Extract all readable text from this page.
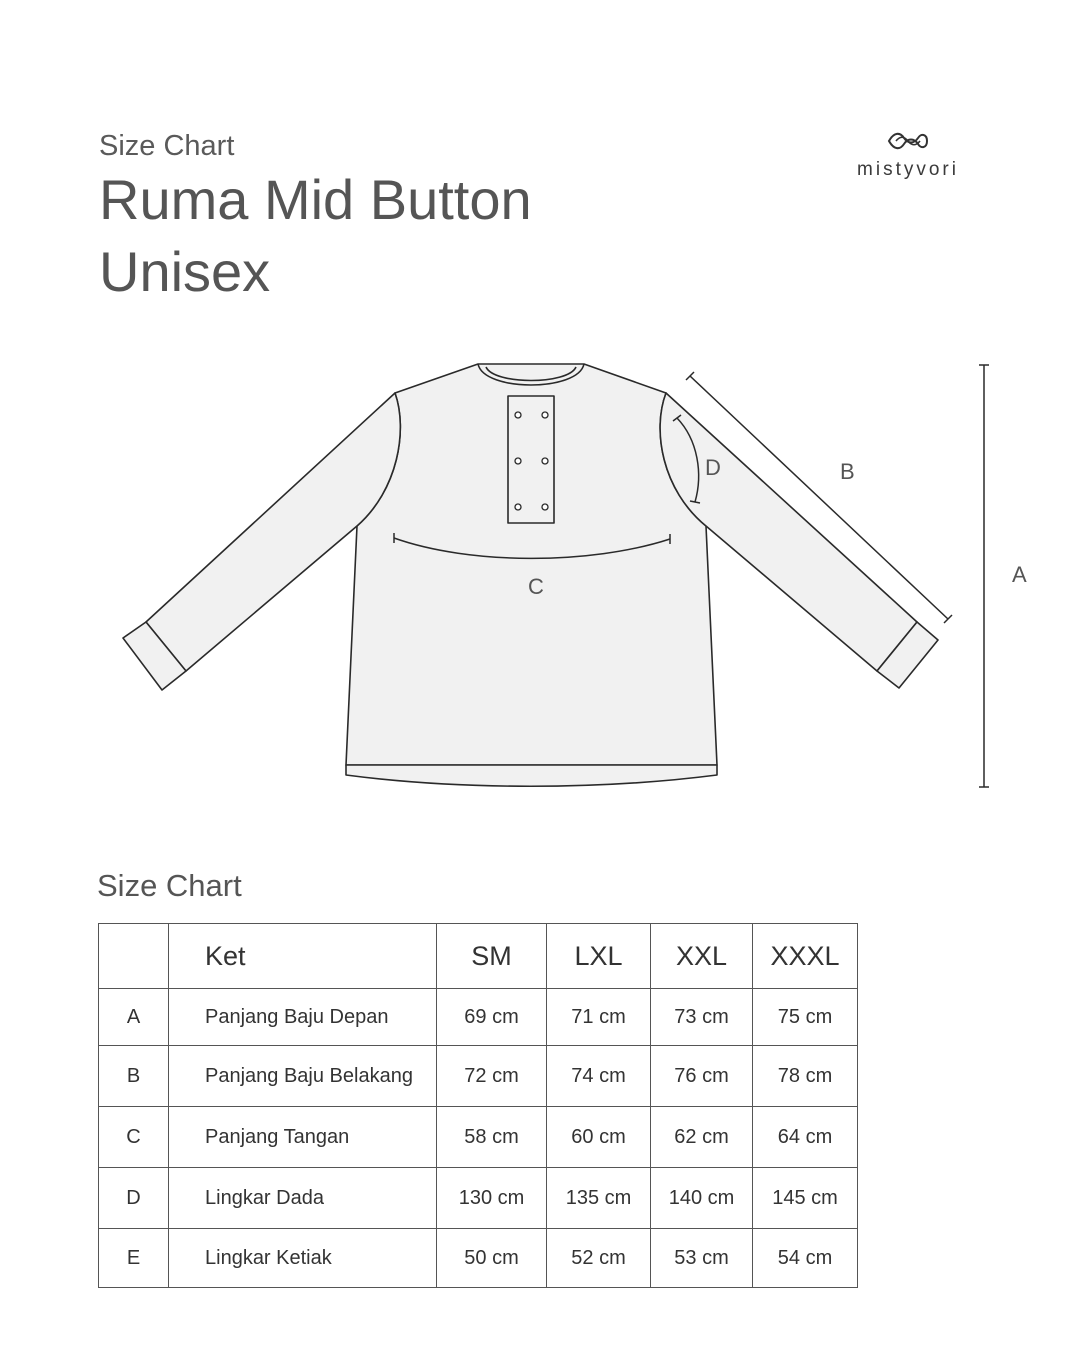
Size Chart
Ruma Mid Button
Unisex
mistyvori
A
B
C
D
Size Chart
	Ket	SM	LXL	XXL	XXXL
A	Panjang Baju Depan	69 cm	71 cm	73 cm	75 cm
B	Panjang Baju Belakang	72 cm	74 cm	76 cm	78 cm
C	Panjang Tangan	58 cm	60 cm	62 cm	64 cm
D	Lingkar Dada	130 cm	135 cm	140 cm	145 cm
E	Lingkar Ketiak	50 cm	52 cm	53 cm	54 cm
